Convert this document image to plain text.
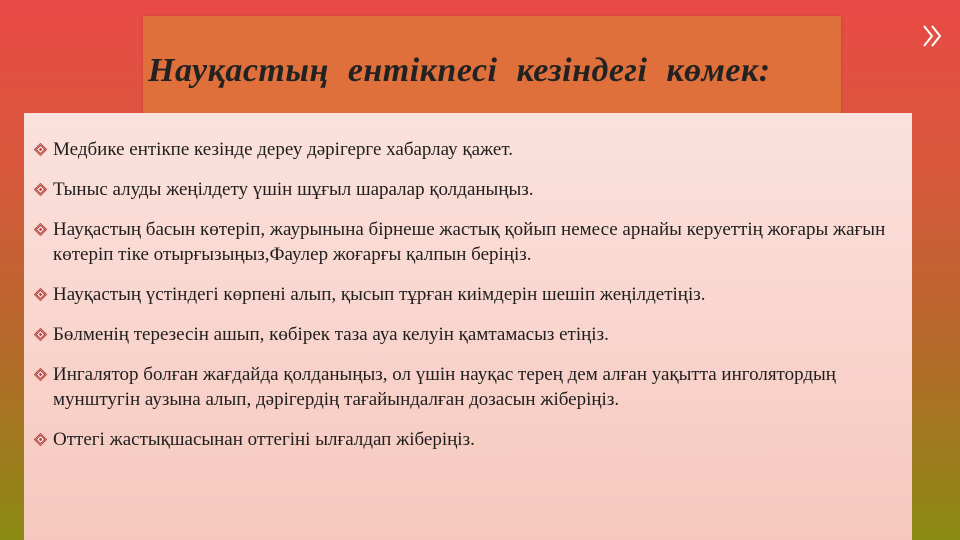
Науқастың ентікпесі кезіндегі көмек:
Медбике ентікпе кезінде дереу дәрігерге хабарлау қажет.
Тыныс алуды жеңілдету үшін шұғыл шаралар қолданыңыз.
Науқастың басын көтеріп, жаурынына бірнеше жастық қойып немесе арнайы керуеттің жоғары жағын көтеріп тіке отырғызыңыз,Фаулер жоғарғы қалпын беріңіз.
Науқастың үстіндегі көрпені алып, қысып тұрған киімдерін шешіп жеңілдетіңіз.
Бөлменің терезесін ашып, көбірек таза ауа келуін қамтамасыз етіңіз.
Ингалятор болған жағдайда қолданыңыз, ол үшін науқас терең дем алған уақытта инголятордың мунштугін аузына алып, дәрігердің тағайындалған дозасын жіберіңіз.
Оттегі жастықшасынан оттегіні ылғалдап жіберіңіз.
